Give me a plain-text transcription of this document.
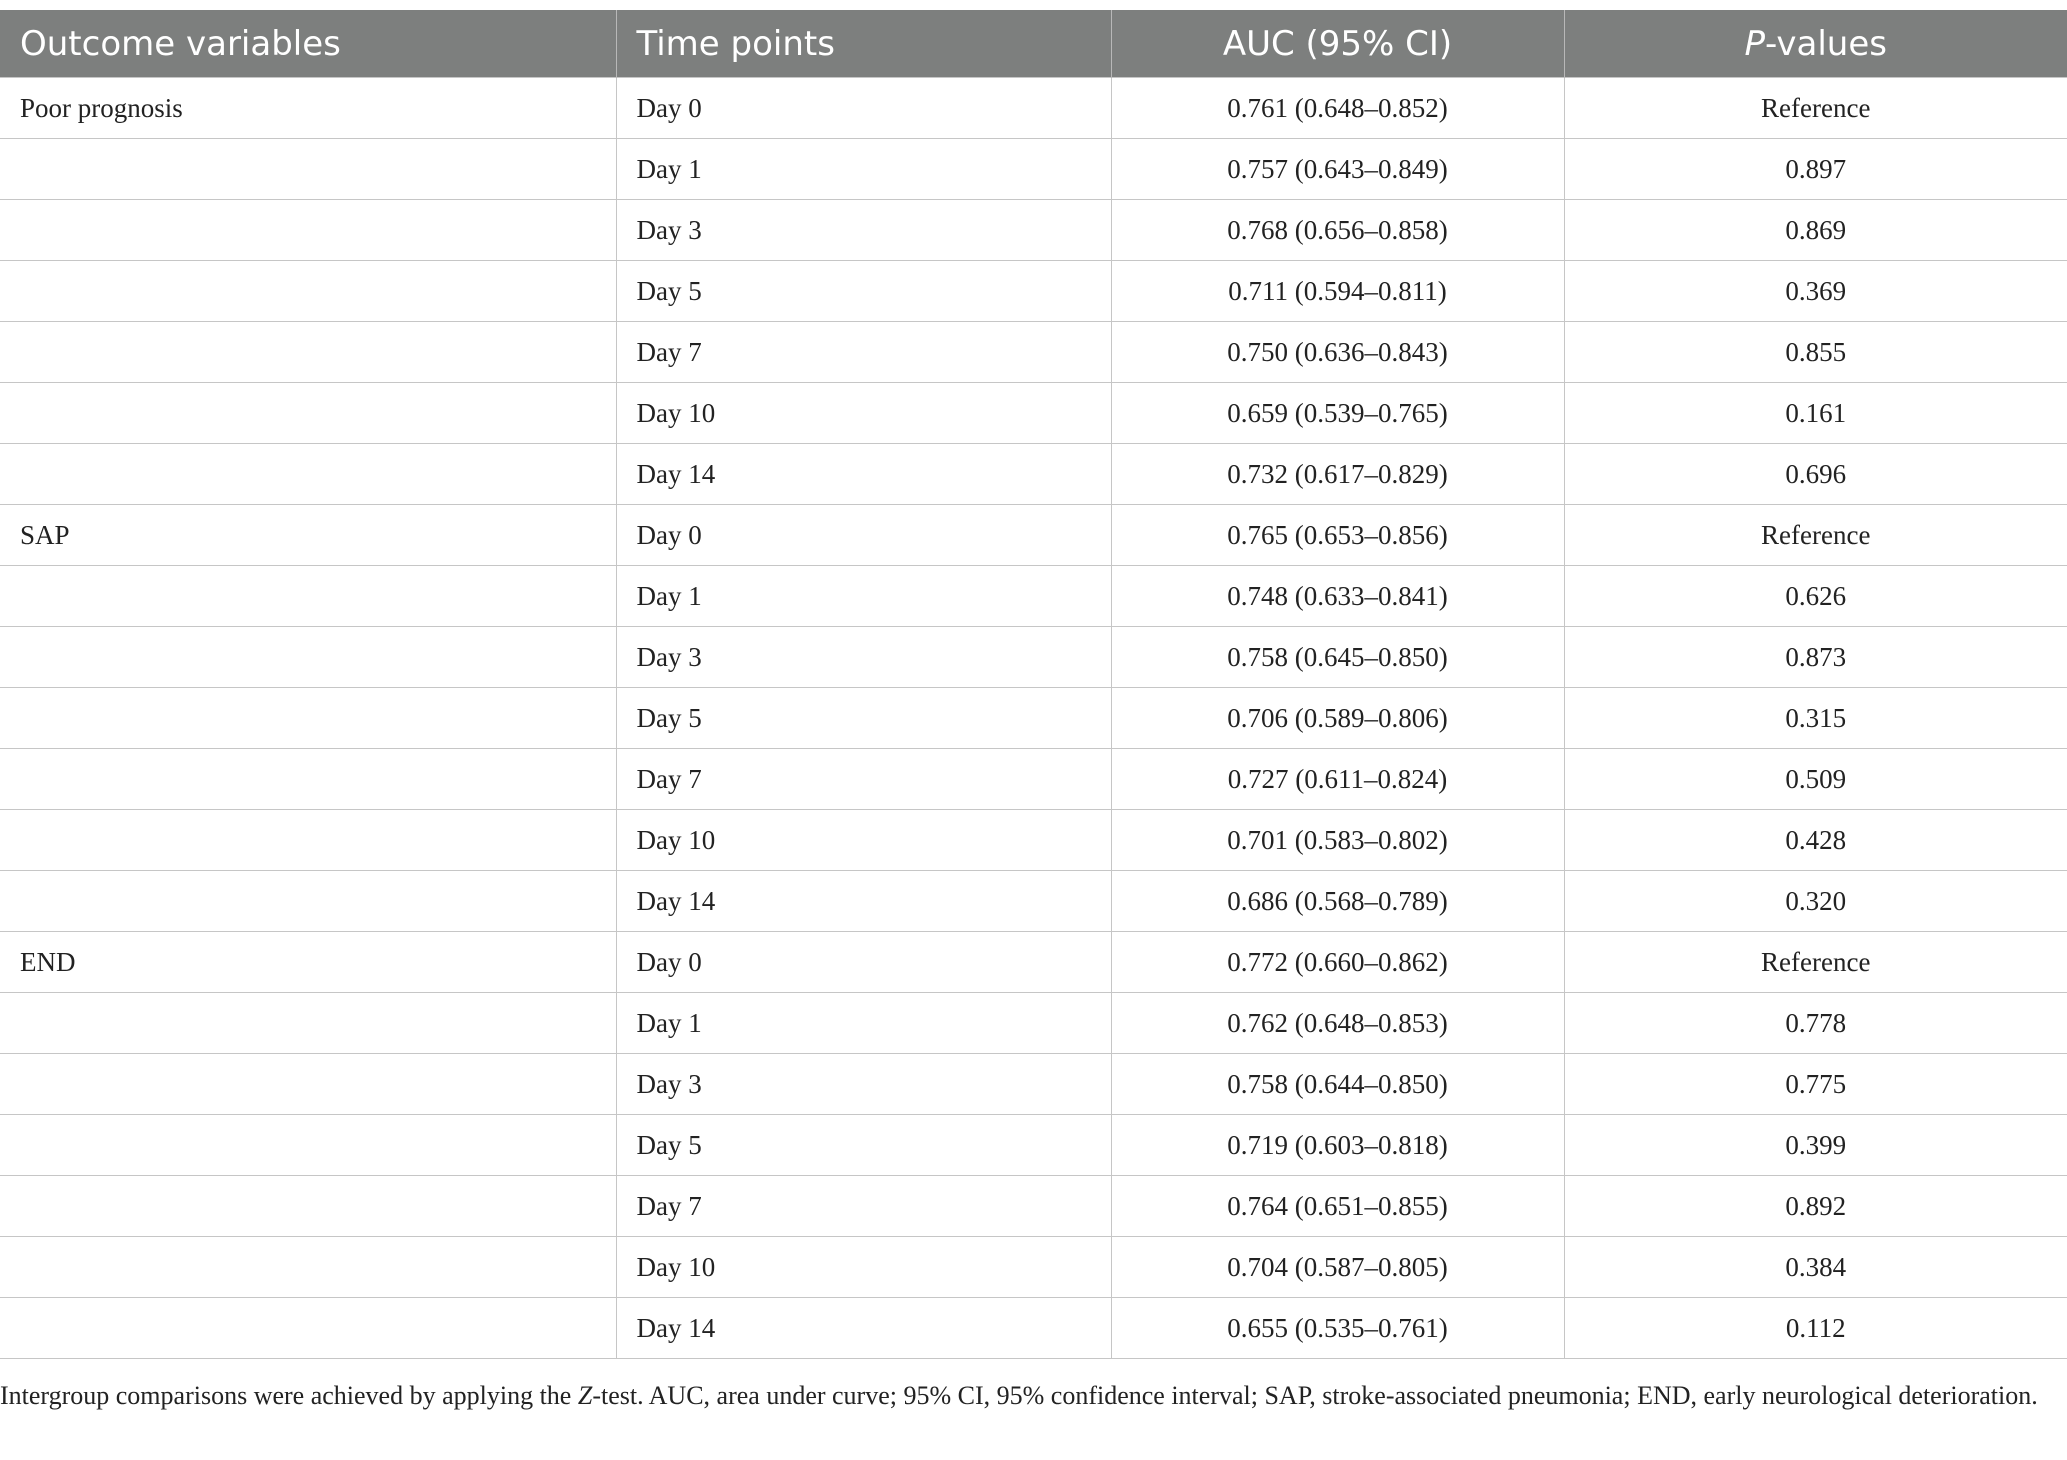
Outcome variables	Time points	AUC (95% CI)	P-values
Poor prognosis	Day 0	0.761 (0.648–0.852)	Reference
	Day 1	0.757 (0.643–0.849)	0.897
	Day 3	0.768 (0.656–0.858)	0.869
	Day 5	0.711 (0.594–0.811)	0.369
	Day 7	0.750 (0.636–0.843)	0.855
	Day 10	0.659 (0.539–0.765)	0.161
	Day 14	0.732 (0.617–0.829)	0.696
SAP	Day 0	0.765 (0.653–0.856)	Reference
	Day 1	0.748 (0.633–0.841)	0.626
	Day 3	0.758 (0.645–0.850)	0.873
	Day 5	0.706 (0.589–0.806)	0.315
	Day 7	0.727 (0.611–0.824)	0.509
	Day 10	0.701 (0.583–0.802)	0.428
	Day 14	0.686 (0.568–0.789)	0.320
END	Day 0	0.772 (0.660–0.862)	Reference
	Day 1	0.762 (0.648–0.853)	0.778
	Day 3	0.758 (0.644–0.850)	0.775
	Day 5	0.719 (0.603–0.818)	0.399
	Day 7	0.764 (0.651–0.855)	0.892
	Day 10	0.704 (0.587–0.805)	0.384
	Day 14	0.655 (0.535–0.761)	0.112
Intergroup comparisons were achieved by applying the Z-test. AUC, area under curve; 95% CI, 95% confidence interval; SAP, stroke-associated pneumonia; END, early neurological deterioration.
